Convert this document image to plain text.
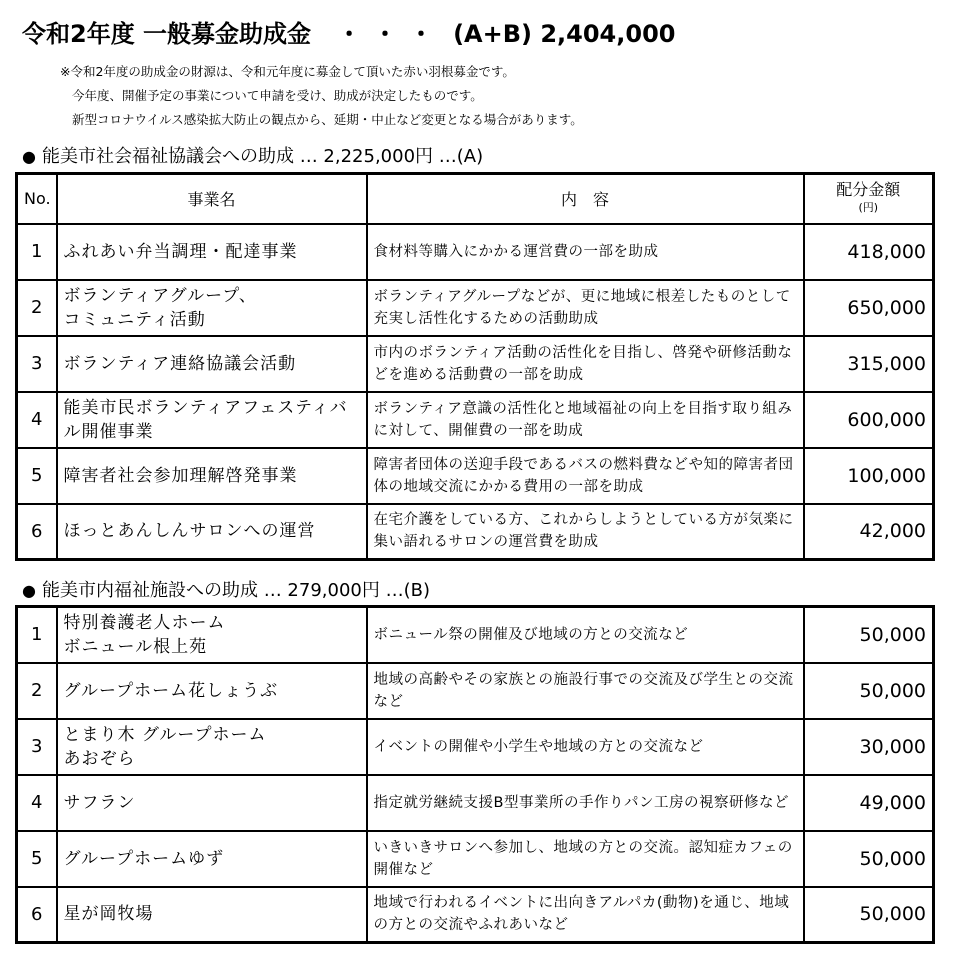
令和2年度 一般募金助成金 ・・・ (A+B) 2,404,000
※令和2年度の助成金の財源は、令和元年度に募金して頂いた赤い羽根募金です。
今年度、開催予定の事業について申請を受け、助成が決定したものです。
新型コロナウイルス感染拡大防止の観点から、延期・中止など変更となる場合があります。
● 能美市社会福祉協議会への助成 … 2,225,000円 …(A)
No.	事業名	内　容	配分金額
(円)

1	ふれあい弁当調理・配達事業	食材料等購入にかかる運営費の一部を助成	418,000
2	ボランティアグループ、
コミュニティ活動	ボランティアグループなどが、更に地域に根差したものとして充実し活性化するための活動助成	650,000
3	ボランティア連絡協議会活動	市内のボランティア活動の活性化を目指し、啓発や研修活動などを進める活動費の一部を助成	315,000
4	能美市民ボランティアフェスティバル開催事業	ボランティア意識の活性化と地域福祉の向上を目指す取り組みに対して、開催費の一部を助成	600,000
5	障害者社会参加理解啓発事業	障害者団体の送迎手段であるバスの燃料費などや知的障害者団体の地域交流にかかる費用の一部を助成	100,000
6	ほっとあんしんサロンへの運営	在宅介護をしている方、これからしようとしている方が気楽に集い語れるサロンの運営費を助成	42,000
● 能美市内福祉施設への助成 … 279,000円 …(B)
1	特別養護老人ホーム
ボニュール根上苑	ボニュール祭の開催及び地域の方との交流など	50,000
2	グループホーム花しょうぶ	地域の高齢やその家族との施設行事での交流及び学生との交流など	50,000
3	とまり木 グループホーム
あおぞら	イベントの開催や小学生や地域の方との交流など	30,000
4	サフラン	指定就労継続支援B型事業所の手作りパン工房の視察研修など	49,000
5	グループホームゆず	いきいきサロンへ参加し、地域の方との交流。認知症カフェの開催など	50,000
6	星が岡牧場	地域で行われるイベントに出向きアルパカ(動物)を通じ、地域の方との交流やふれあいなど	50,000
